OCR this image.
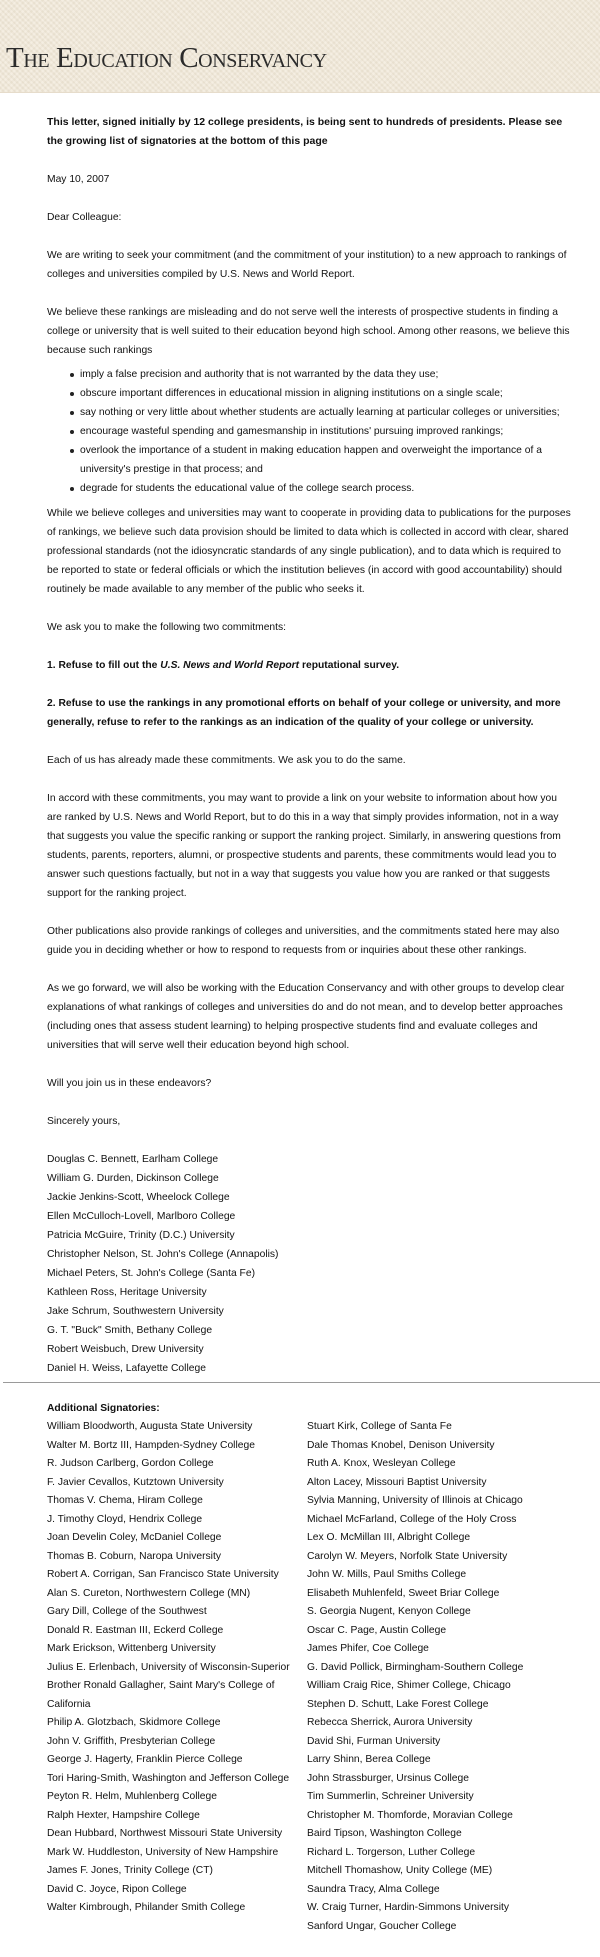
The Education Conservancy

This letter, signed initially by 12 college presidents, is being sent to hundreds of presidents. Please see the growing list of signatories at the bottom of this page

May 10, 2007

Dear Colleague:

We are writing to seek your commitment (and the commitment of your institution) to a new approach to rankings of colleges and universities compiled by U.S. News and World Report.

We believe these rankings are misleading and do not serve well the interests of prospective students in finding a college or university that is well suited to their education beyond high school. Among other reasons, we believe this because such rankings

imply a false precision and authority that is not warranted by the data they use;
obscure important differences in educational mission in aligning institutions on a single scale;
say nothing or very little about whether students are actually learning at particular colleges or universities;
encourage wasteful spending and gamesmanship in institutions' pursuing improved rankings;
overlook the importance of a student in making education happen and overweight the importance of a university's prestige in that process; and
degrade for students the educational value of the college search process.

While we believe colleges and universities may want to cooperate in providing data to publications for the purposes of rankings, we believe such data provision should be limited to data which is collected in accord with clear, shared professional standards (not the idiosyncratic standards of any single publication), and to data which is required to be reported to state or federal officials or which the institution believes (in accord with good accountability) should routinely be made available to any member of the public who seeks it.

We ask you to make the following two commitments:

1. Refuse to fill out the U.S. News and World Report reputational survey.

2. Refuse to use the rankings in any promotional efforts on behalf of your college or university, and more generally, refuse to refer to the rankings as an indication of the quality of your college or university.

Each of us has already made these commitments. We ask you to do the same.

In accord with these commitments, you may want to provide a link on your website to information about how you are ranked by U.S. News and World Report, but to do this in a way that simply provides information, not in a way that suggests you value the specific ranking or support the ranking project. Similarly, in answering questions from students, parents, reporters, alumni, or prospective students and parents, these commitments would lead you to answer such questions factually, but not in a way that suggests you value how you are ranked or that suggests support for the ranking project.

Other publications also provide rankings of colleges and universities, and the commitments stated here may also guide you in deciding whether or how to respond to requests from or inquiries about these other rankings.

As we go forward, we will also be working with the Education Conservancy and with other groups to develop clear explanations of what rankings of colleges and universities do and do not mean, and to develop better approaches (including ones that assess student learning) to helping prospective students find and evaluate colleges and universities that will serve well their education beyond high school.

Will you join us in these endeavors?

Sincerely yours,

Douglas C. Bennett, Earlham College
William G. Durden, Dickinson College
Jackie Jenkins-Scott, Wheelock College
Ellen McCulloch-Lovell, Marlboro College
Patricia McGuire, Trinity (D.C.) University
Christopher Nelson, St. John's College (Annapolis)
Michael Peters, St. John's College (Santa Fe)
Kathleen Ross, Heritage University
Jake Schrum, Southwestern University
G. T. "Buck" Smith, Bethany College
Robert Weisbuch, Drew University
Daniel H. Weiss, Lafayette College
Additional Signatories:
William Bloodworth, Augusta State University
Walter M. Bortz III, Hampden-Sydney College
R. Judson Carlberg, Gordon College
F. Javier Cevallos, Kutztown University
Thomas V. Chema, Hiram College
J. Timothy Cloyd, Hendrix College
Joan Develin Coley, McDaniel College
Thomas B. Coburn, Naropa University
Robert A. Corrigan, San Francisco State University
Alan S. Cureton, Northwestern College (MN)
Gary Dill, College of the Southwest
Donald R. Eastman III, Eckerd College
Mark Erickson, Wittenberg University
Julius E. Erlenbach, University of Wisconsin-Superior
Brother Ronald Gallagher, Saint Mary's College of California
Philip A. Glotzbach, Skidmore College
John V. Griffith, Presbyterian College
George J. Hagerty, Franklin Pierce College
Tori Haring-Smith, Washington and Jefferson College
Peyton R. Helm, Muhlenberg College
Ralph Hexter, Hampshire College
Dean Hubbard, Northwest Missouri State University
Mark W. Huddleston, University of New Hampshire
James F. Jones, Trinity College (CT)
David C. Joyce, Ripon College
Walter Kimbrough, Philander Smith College
Stuart Kirk, College of Santa Fe
Dale Thomas Knobel, Denison University
Ruth A. Knox, Wesleyan College
Alton Lacey, Missouri Baptist University
Sylvia Manning, University of Illinois at Chicago
Michael McFarland, College of the Holy Cross
Lex O. McMillan III, Albright College
Carolyn W. Meyers, Norfolk State University
John W. Mills, Paul Smiths College
Elisabeth Muhlenfeld, Sweet Briar College
S. Georgia Nugent, Kenyon College
Oscar C. Page, Austin College
James Phifer, Coe College
G. David Pollick, Birmingham-Southern College
William Craig Rice, Shimer College, Chicago
Stephen D. Schutt, Lake Forest College
Rebecca Sherrick, Aurora University
David Shi, Furman University
Larry Shinn, Berea College
John Strassburger, Ursinus College
Tim Summerlin, Schreiner University
Christopher M. Thomforde, Moravian College
Baird Tipson, Washington College
Richard L. Torgerson, Luther College
Mitchell Thomashow, Unity College (ME)
Saundra Tracy, Alma College
W. Craig Turner, Hardin-Simmons University
Sanford Ungar, Goucher College
